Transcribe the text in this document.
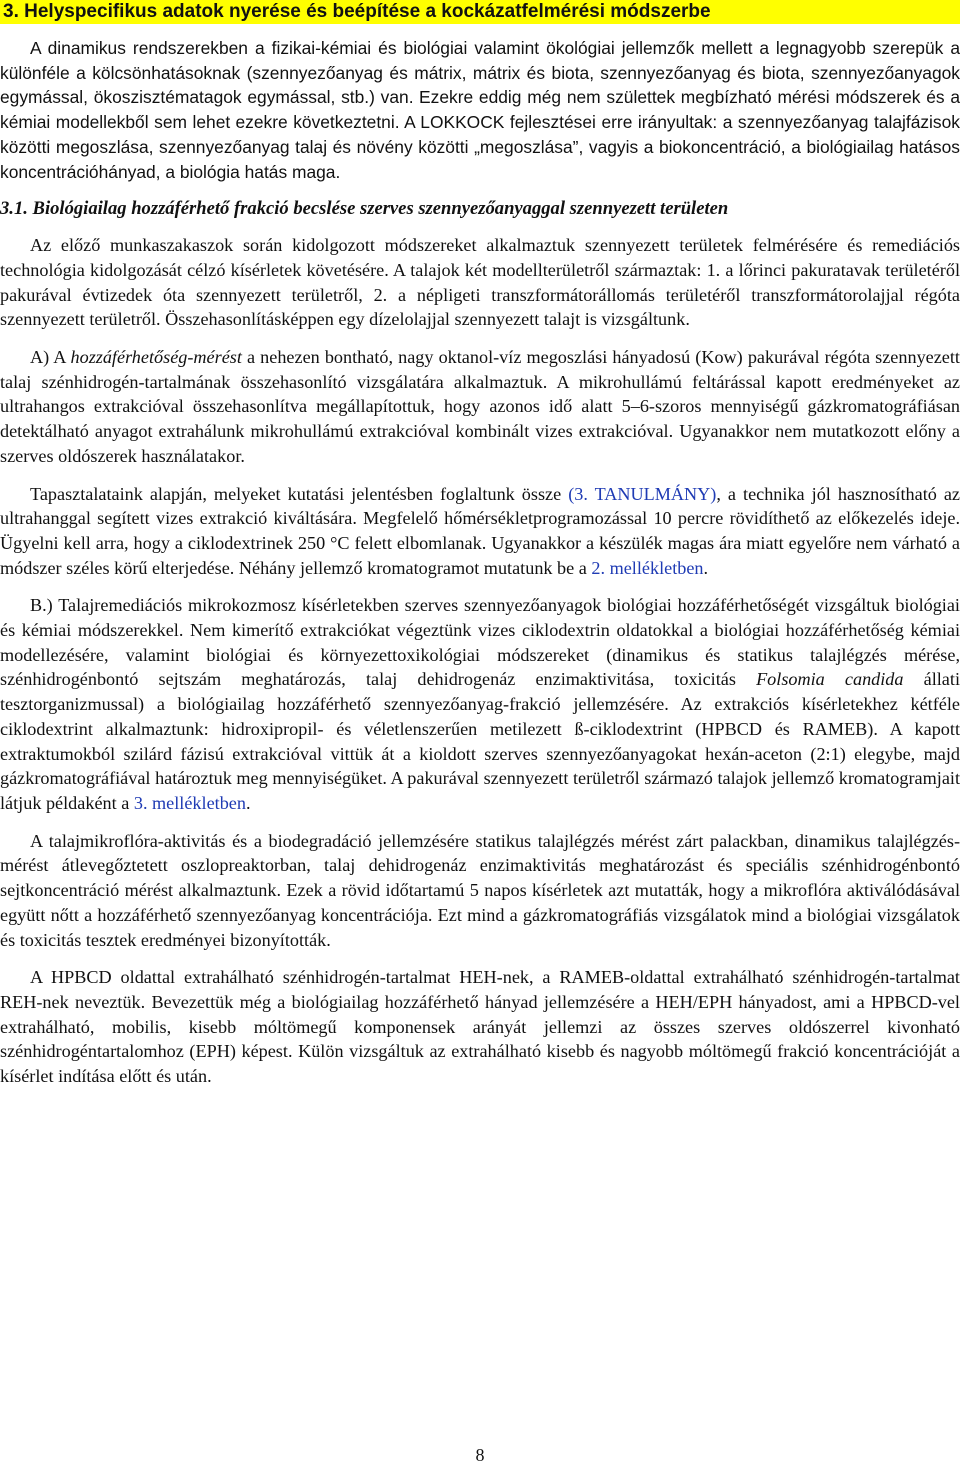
3. Helyspecifikus adatok nyerése és beépítése a kockázatfelmérési módszerbe

A dinamikus rendszerekben a fizikai-kémiai és biológiai valamint ökológiai jellemzők mellett a legnagyobb szerepük a különféle a kölcsönhatásoknak (szennyezőanyag és mátrix, mátrix és biota, szennyezőanyag és biota, szennyezőanyagok egymással, ökoszisztématagok egymással, stb.) van. Ezekre eddig még nem születtek megbízható mérési módszerek és a kémiai modellekből sem lehet ezekre következtetni. A LOKKOCK fejlesztései erre irányultak: a szennyezőanyag talajfázisok közötti megoszlása, szennyezőanyag talaj és növény közötti „megoszlása”, vagyis a biokoncentráció, a biológiailag hatásos koncentrációhányad, a biológia hatás maga.

3.1. Biológiailag hozzáférhető frakció becslése szerves szennyezőanyaggal szennyezett területen

Az előző munkaszakaszok során kidolgozott módszereket alkalmaztuk szennyezett területek felmérésére és remediációs technológia kidolgozását célzó kísérletek követésére. A talajok két modellterületről származtak: 1. a lőrinci pakuratavak területéről pakurával évtizedek óta szennyezett területről, 2. a népligeti transzformátorállomás területéről transzformátorolajjal régóta szennyezett területről. Összehasonlításképpen egy dízelolajjal szennyezett talajt is vizsgáltunk.

A) A hozzáférhetőség-mérést a nehezen bontható, nagy oktanol-víz megoszlási hányadosú (Kow) pakurával régóta szennyezett talaj szénhidrogén-tartalmának összehasonlító vizsgálatára alkalmaztuk. A mikrohullámú feltárással kapott eredményeket az ultrahangos extrakcióval összehasonlítva megállapítottuk, hogy azonos idő alatt 5–6-szoros mennyiségű gázkromatográfiásan detektálható anyagot extrahálunk mikrohullámú extrakcióval kombinált vizes extrakcióval. Ugyanakkor nem mutatkozott előny a szerves oldószerek használatakor.

Tapasztalataink alapján, melyeket kutatási jelentésben foglaltunk össze (3. TANULMÁNY), a technika jól hasznosítható az ultrahanggal segített vizes extrakció kiváltására. Megfelelő hőmérsékletprogramozással 10 percre rövidíthető az előkezelés ideje. Ügyelni kell arra, hogy a ciklodextrinek 250 °C felett elbomlanak. Ugyanakkor a készülék magas ára miatt egyelőre nem várható a módszer széles körű elterjedése. Néhány jellemző kromatogramot mutatunk be a 2. mellékletben.

B.) Talajremediációs mikrokozmosz kísérletekben szerves szennyezőanyagok biológiai hozzáférhetőségét vizsgáltuk biológiai és kémiai módszerekkel. Nem kimerítő extrakciókat végeztünk vizes ciklodextrin oldatokkal a biológiai hozzáférhetőség kémiai modellezésére, valamint biológiai és környezettoxikológiai módszereket (dinamikus és statikus talajlégzés mérése, szénhidrogénbontó sejtszám meghatározás, talaj dehidrogenáz enzimaktivitása, toxicitás Folsomia candida állati tesztorganizmussal) a biológiailag hozzáférhető szennyezőanyag-frakció jellemzésére. Az extrakciós kísérletekhez kétféle ciklodextrint alkalmaztunk: hidroxipropil- és véletlenszerűen metilezett ß-ciklodextrint (HPBCD és RAMEB). A kapott extraktumokból szilárd fázisú extrakcióval vittük át a kioldott szerves szennyezőanyagokat hexán-aceton (2:1) elegybe, majd gázkromatográfiával határoztuk meg mennyiségüket. A pakurával szennyezett területről származó talajok jellemző kromatogramjait látjuk példaként a 3. mellékletben.

A talajmikroflóra-aktivitás és a biodegradáció jellemzésére statikus talajlégzés mérést zárt palackban, dinamikus talajlégzés-mérést átlevegőztetett oszlopreaktorban, talaj dehidrogenáz enzimaktivitás meghatározást és speciális szénhidrogénbontó sejtkoncentráció mérést alkalmaztunk. Ezek a rövid időtartamú 5 napos kísérletek azt mutatták, hogy a mikroflóra aktiválódásával együtt nőtt a hozzáférhető szennyezőanyag koncentrációja. Ezt mind a gázkromatográfiás vizsgálatok mind a biológiai vizsgálatok és toxicitás tesztek eredményei bizonyították.

A HPBCD oldattal extrahálható szénhidrogén-tartalmat HEH-nek, a RAMEB-oldattal extrahálható szénhidrogén-tartalmat REH-nek neveztük. Bevezettük még a biológiailag hozzáférhető hányad jellemzésére a HEH/EPH hányadost, ami a HPBCD-vel extrahálható, mobilis, kisebb móltömegű komponensek arányát jellemzi az összes szerves oldószerrel kivonható szénhidrogéntartalomhoz (EPH) képest. Külön vizsgáltuk az extrahálható kisebb és nagyobb móltömegű frakció koncentrációját a kísérlet indítása előtt és után.

8
